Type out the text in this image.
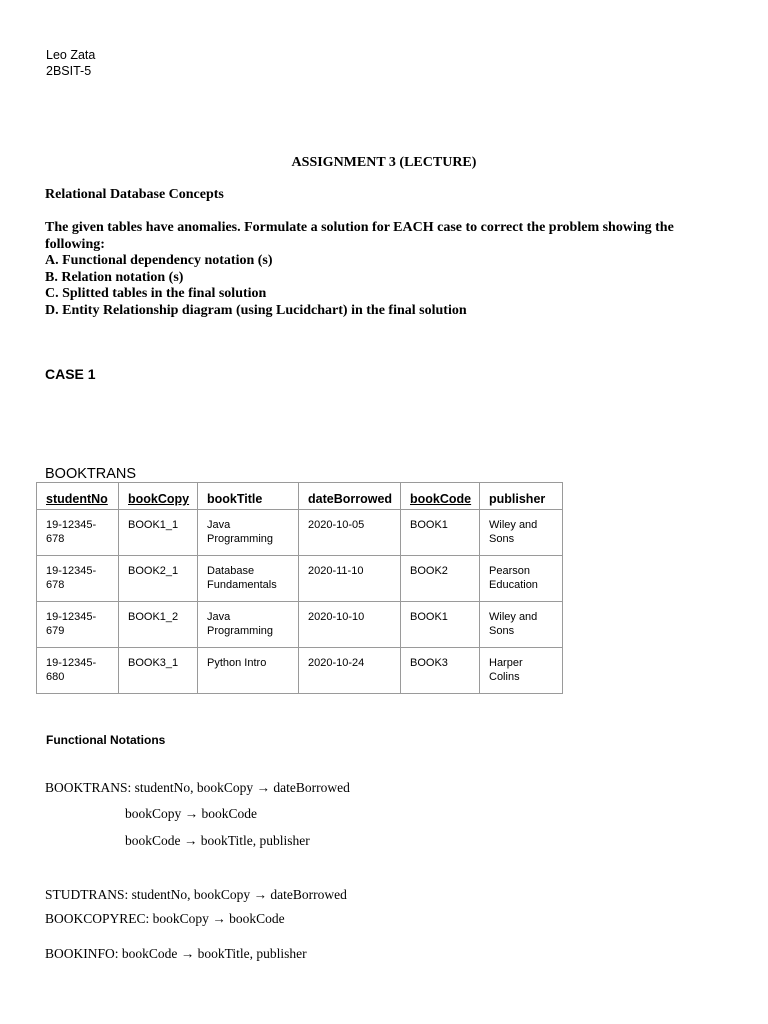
Leo Zata
2BSIT-5
ASSIGNMENT 3 (LECTURE)
Relational Database Concepts
The given tables have anomalies. Formulate a solution for EACH case to correct the problem showing the following:
A. Functional dependency notation (s)
B. Relation notation (s)
C. Splitted tables in the final solution
D. Entity Relationship diagram (using Lucidchart) in the final solution
CASE 1
BOOKTRANS
studentNo	bookCopy	bookTitle	dateBorrowed	bookCode	publisher
19-12345-678	BOOK1_1	Java Programming	2020-10-05	BOOK1	Wiley and Sons
19-12345-678	BOOK2_1	Database Fundamentals	2020-11-10	BOOK2	Pearson Education
19-12345-679	BOOK1_2	Java Programming	2020-10-10	BOOK1	Wiley and Sons
19-12345-680	BOOK3_1	Python Intro	2020-10-24	BOOK3	Harper Colins
Functional Notations
BOOKTRANS: studentNo, bookCopy → dateBorrowed
bookCopy → bookCode
bookCode → bookTitle, publisher
STUDTRANS: studentNo, bookCopy → dateBorrowed
BOOKCOPYREC: bookCopy → bookCode
BOOKINFO: bookCode → bookTitle, publisher
